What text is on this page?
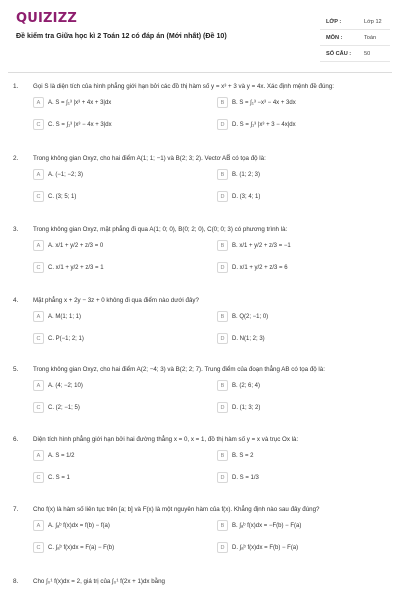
QUIZIZZ
Đề kiểm tra Giữa học kì 2 Toán 12 có đáp án (Mới nhất) (Đề 10)
LỚP :	Lớp 12
MÔN :	Toán
SỐ CÂU : 50
1. Gọi S là diện tích của hình phẳng giới hạn bởi các đồ thị hàm số y = x³ + 3 và y = 4x. Xác định mệnh đề đúng:
A	A. S = ∫₁³ |x³ + 4x + 3|dx	B	B. S = ∫₁³ −x³ − 4x + 3dx
C	C. S = ∫₁³ |x³ − 4x + 3|dx	D	D. S = ∫₁³ |x³ + 3 − 4x|dx
2. Trong không gian Oxyz, cho hai điểm A(1; 1; −1) và B(2; 3; 2). Vectơ AB⃗ có tọa độ là:
A	A. (−1; −2; 3)	B	B. (1; 2; 3)
C	C. (3; 5; 1)	D	D. (3; 4; 1)
3. Trong không gian Oxyz, mặt phẳng đi qua A(1; 0; 0), B(0; 2; 0), C(0; 0; 3) có phương trình là:
A	A. x/1 + y/2 + z/3 = 0	B	B. x/1 + y/2 + z/3 = −1
C	C. x/1 + y/2 + z/3 = 1	D	D. x/1 + y/2 + z/3 = 6
4. Mặt phẳng x + 2y − 3z + 0 không đi qua điểm nào dưới đây?
A	A. M(1; 1; 1)	B	B. Q(2; −1; 0)
C	C. P(−1; 2; 1)	D	D. N(1; 2; 3)
5. Trong không gian Oxyz, cho hai điểm A(2; −4; 3) và B(2; 2; 7). Trung điểm của đoạn thẳng AB có tọa độ là:
A	A. (4; −2; 10)	B	B. (2; 6; 4)
C	C. (2; −1; 5)	D	D. (1; 3; 2)
6. Diện tích hình phẳng giới hạn bởi hai đường thẳng x = 0, x = 1, đồ thị hàm số y = x và trục Ox là:
A	A. S = 1/2	B	B. S = 2
C	C. S = 1	D	D. S = 1/3
7. Cho f(x) là hàm số liên tục trên [a; b] và F(x) là một nguyên hàm của f(x). Khẳng định nào sau đây đúng?
A	A. ∫ₐᵇ f(x)dx = f(b) − f(a)	B	B. ∫ₐᵇ f(x)dx = −F(b) − F(a)
C	C. ∫ₐᵇ f(x)dx = F(a) − F(b)	D	D. ∫ₐᵇ f(x)dx = F(b) − F(a)
8. Cho ∫₀¹ f(x)dx = 2, giá trị của ∫₀¹ f(2x + 1)dx bằng
